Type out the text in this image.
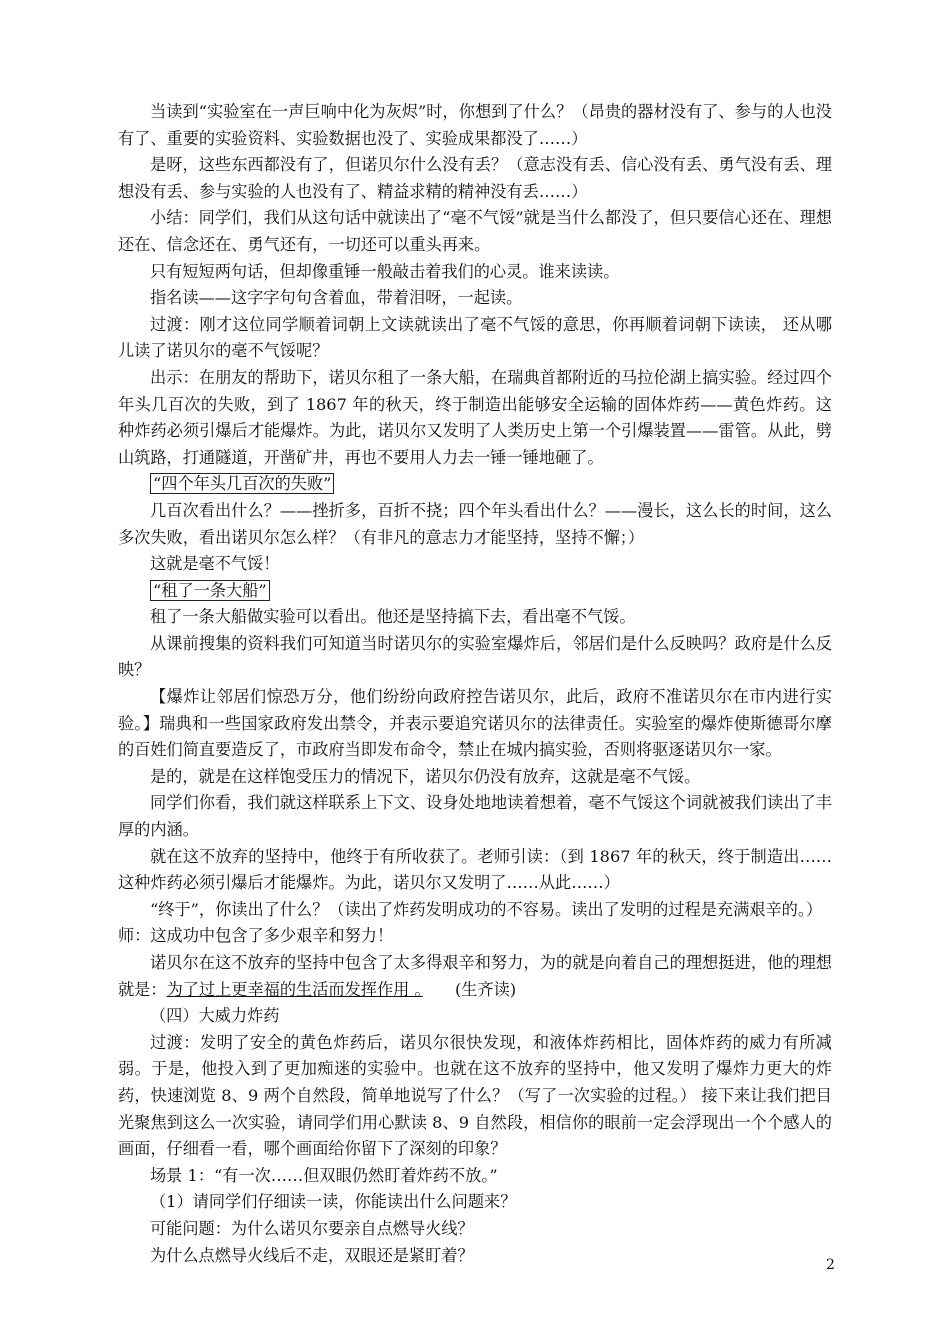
当读到“实验室在一声巨响中化为灰烬”时，你想到了什么？（昂贵的器材没有了、参与的人也没有了、重要的实验资料、实验数据也没了、实验成果都没了……）

是呀，这些东西都没有了，但诺贝尔什么没有丢？（意志没有丢、信心没有丢、勇气没有丢、理想没有丢、参与实验的人也没有了、精益求精的精神没有丢……）

小结：同学们，我们从这句话中就读出了“毫不气馁”就是当什么都没了，但只要信心还在、理想还在、信念还在、勇气还有，一切还可以重头再来。

只有短短两句话，但却像重锤一般敲击着我们的心灵。谁来读读。

指名读——这字字句句含着血，带着泪呀，一起读。

过渡：刚才这位同学顺着词朝上文读就读出了毫不气馁的意思，你再顺着词朝下读读， 还从哪儿读了诺贝尔的毫不气馁呢？

出示：在朋友的帮助下，诺贝尔租了一条大船，在瑞典首都附近的马拉伦湖上搞实验。经过四个年头几百次的失败，到了 1867 年的秋天，终于制造出能够安全运输的固体炸药——黄色炸药。这种炸药必须引爆后才能爆炸。为此，诺贝尔又发明了人类历史上第一个引爆装置——雷管。从此，劈山筑路，打通隧道，开凿矿井，再也不要用人力去一锤一锤地砸了。

“四个年头几百次的失败”

几百次看出什么？——挫折多，百折不挠；四个年头看出什么？——漫长，这么长的时间，这么多次失败，看出诺贝尔怎么样？（有非凡的意志力才能坚持，坚持不懈；）

这就是毫不气馁！

“租了一条大船”

租了一条大船做实验可以看出。他还是坚持搞下去，看出毫不气馁。

从课前搜集的资料我们可知道当时诺贝尔的实验室爆炸后，邻居们是什么反映吗？政府是什么反映？

【爆炸让邻居们惊恐万分，他们纷纷向政府控告诺贝尔，此后，政府不准诺贝尔在市内进行实验。】瑞典和一些国家政府发出禁令，并表示要追究诺贝尔的法律责任。实验室的爆炸使斯德哥尔摩的百姓们简直要造反了，市政府当即发布命令，禁止在城内搞实验，否则将驱逐诺贝尔一家。

是的，就是在这样饱受压力的情况下，诺贝尔仍没有放弃，这就是毫不气馁。

同学们你看，我们就这样联系上下文、设身处地地读着想着，毫不气馁这个词就被我们读出了丰厚的内涵。

就在这不放弃的坚持中，他终于有所收获了。老师引读：（到 1867 年的秋天，终于制造出……这种炸药必须引爆后才能爆炸。为此，诺贝尔又发明了……从此……）

“终于”，你读出了什么？（读出了炸药发明成功的不容易。读出了发明的过程是充满艰辛的。）

师：这成功中包含了多少艰辛和努力！

诺贝尔在这不放弃的坚持中包含了太多得艰辛和努力，为的就是向着自己的理想挺进，他的理想就是：为了过上更幸福的生活而发挥作用 。　　 (生齐读)

（四）大威力炸药

过渡：发明了安全的黄色炸药后，诺贝尔很快发现，和液体炸药相比，固体炸药的威力有所减弱。于是，他投入到了更加痴迷的实验中。也就在这不放弃的坚持中，他又发明了爆炸力更大的炸药，快速浏览 8、9 两个自然段，简单地说写了什么？（写了一次实验的过程。） 接下来让我们把目光聚焦到这么一次实验，请同学们用心默读 8、9 自然段，相信你的眼前一定会浮现出一个个感人的画面，仔细看一看，哪个画面给你留下了深刻的印象？

场景 1：“有一次……但双眼仍然盯着炸药不放。”

（1）请同学们仔细读一读，你能读出什么问题来？

可能问题：为什么诺贝尔要亲自点燃导火线？

为什么点燃导火线后不走，双眼还是紧盯着？

2
